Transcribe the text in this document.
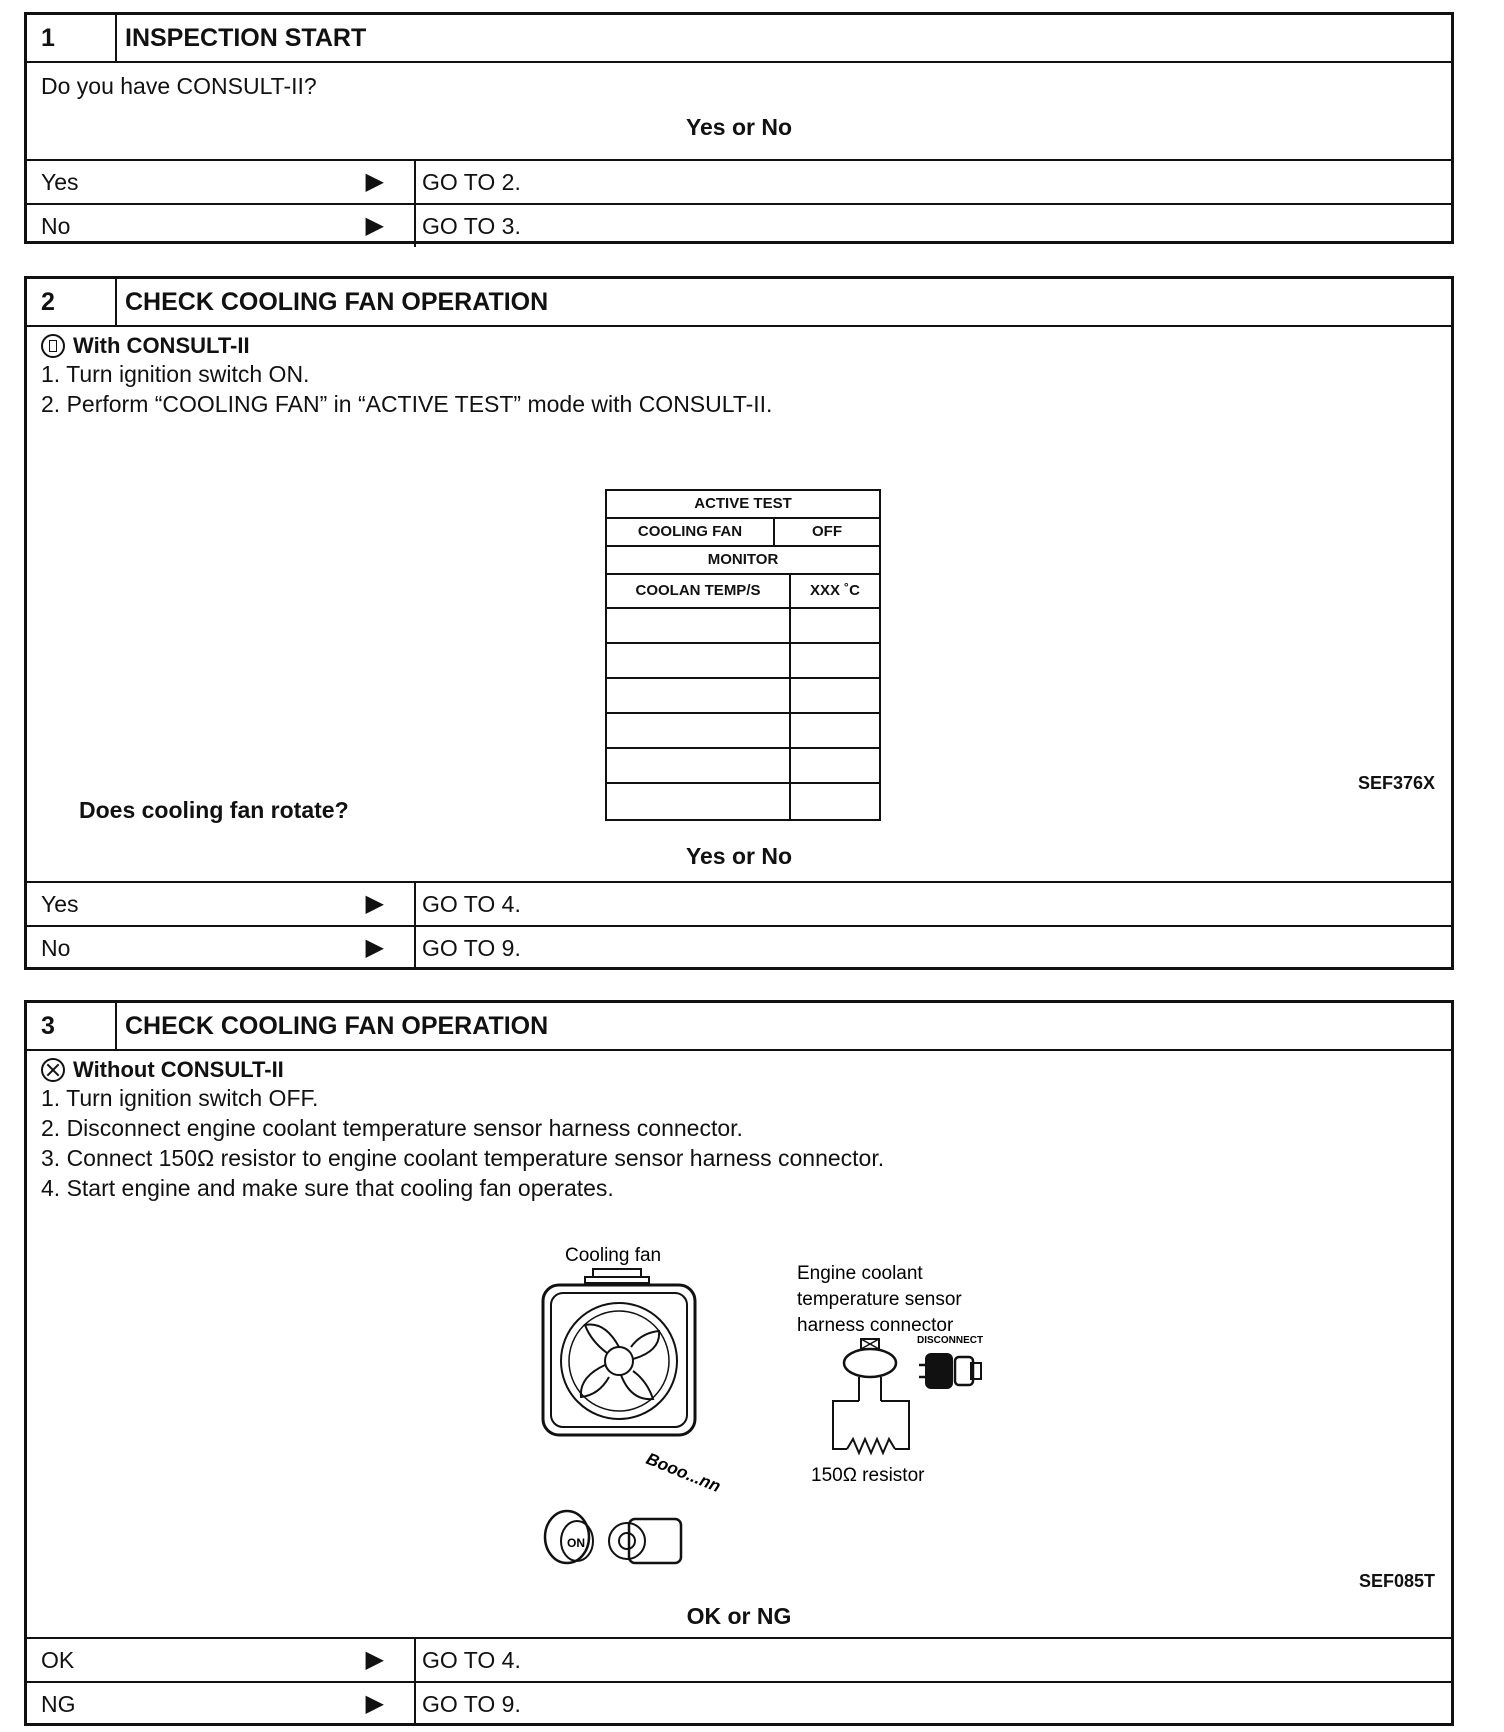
1	INSPECTION START
Do you have CONSULT-II?
Yes or No
Yes	▶ GO TO 2.
No	▶ GO TO 3.
2	CHECK COOLING FAN OPERATION
With CONSULT-II
1. Turn ignition switch ON.
2. Perform “COOLING FAN” in “ACTIVE TEST” mode with CONSULT-II.
ACTIVE TEST
COOLING FAN	OFF
MONITOR
COOLAN TEMP/S	XXX ˚C
SEF376X
Does cooling fan rotate?
Yes or No
Yes	▶ GO TO 4.
No	▶ GO TO 9.
3	CHECK COOLING FAN OPERATION
Without CONSULT-II
1. Turn ignition switch OFF.
2. Disconnect engine coolant temperature sensor harness connector.
3. Connect 150Ω resistor to engine coolant temperature sensor harness connector.
4. Start engine and make sure that cooling fan operates.
Cooling fan
Booo...nn
ON
Engine coolant
temperature sensor
harness connector
150Ω resistor
DISCONNECT
SEF085T
OK or NG
OK	▶ GO TO 4.
NG	▶ GO TO 9.
